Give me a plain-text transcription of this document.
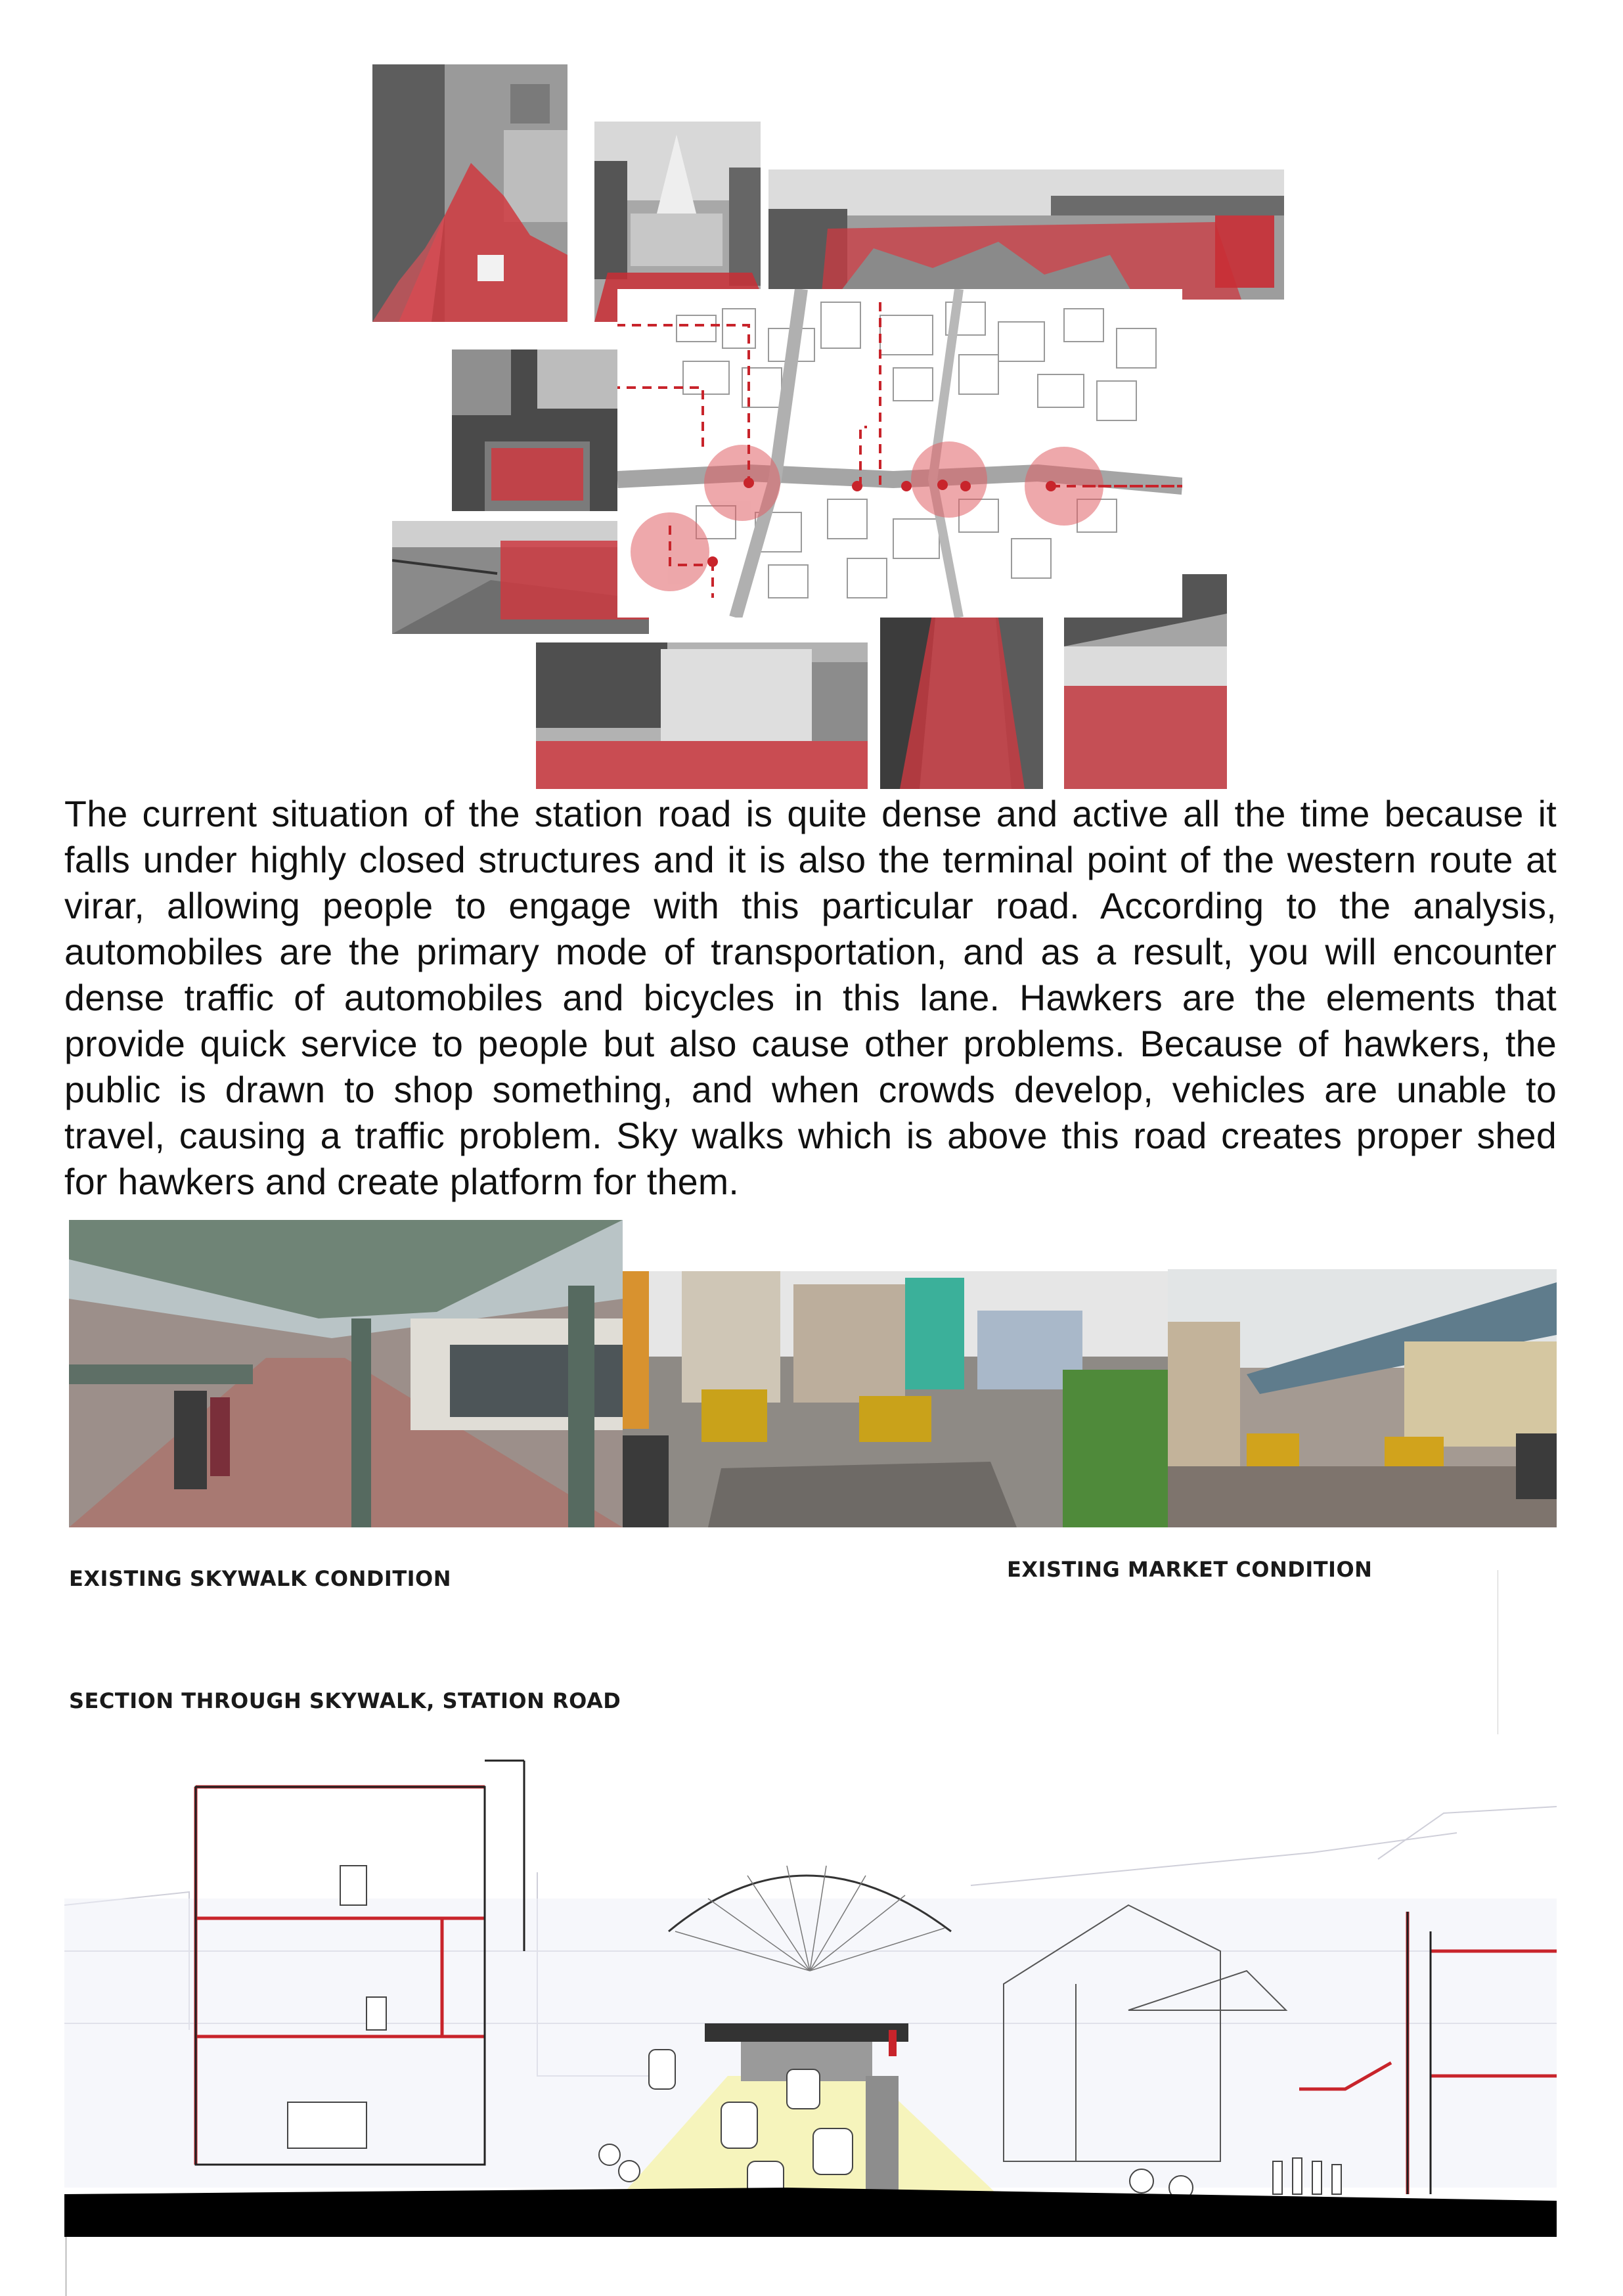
The current situation of the station road is quite dense and active all the time because it falls under highly closed structures and it is also the terminal point of the western route at virar, allowing people to engage with this particular road. According to the analysis, automobiles are the primary mode of transportation, and as a result, you will encounter dense traffic of automobiles and bicycles in this lane. Hawkers are the elements that provide quick service to people but also cause other problems. Because of hawkers, the public is drawn to shop something, and when crowds develop, vehicles are unable to travel, causing a traffic problem. Sky walks which is above this road creates proper shed for hawkers and create platform for them.
EXISTING SKYWALK CONDITION	EXISTING MARKET CONDITION
SECTION THROUGH SKYWALK, STATION ROAD
